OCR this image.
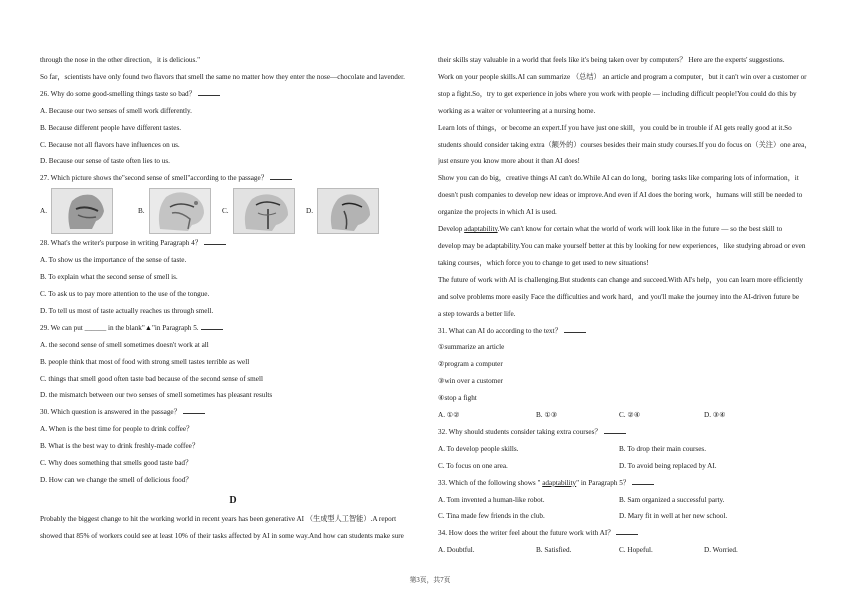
through the nose in the other direction，it is delicious."
So far，scientists have only found two flavors that smell the same no matter how they enter the nose—chocolate and lavender.
26. Why do some good-smelling things taste so bad？
A. Because our two senses of smell work differently.
B. Because different people have different tastes.
C. Because not all flavors have influences on us.
D. Because our sense of taste often lies to us.
27. Which picture shows the"second sense of smell"according to the passage？
A.	B.	C.	D.
28. What's the writer's purpose in writing Paragraph 4？
A. To show us the importance of the sense of taste.
B. To explain what the second sense of smell is.
C. To ask us to pay more attention to the use of the tongue.
D. To tell us most of taste actually reaches us through smell.
29. We can put ______ in the blank"▲"in Paragraph 5.
A. the second sense of smell sometimes doesn't work at all
B. people think that most of food with strong smell tastes terrible as well
C. things that smell good often taste bad because of the second sense of smell
D. the mismatch between our two senses of smell sometimes has pleasant results
30. Which question is answered in the passage？
A. When is the best time for people to drink coffee？
B. What is the best way to drink freshly-made coffee？
C. Why does something that smells good taste bad？
D. How can we change the smell of delicious food？
D
Probably the biggest change to hit the working world in recent years has been generative AI （生成型人工智能）.A report
showed that 85% of workers could see at least 10% of their tasks affected by AI in some way.And how can students make sure
their skills stay valuable in a world that feels like it's being taken over by computers？ Here are the experts' suggestions.
Work on your people skills.AI can summarize （总结） an article and program a computer，but it can't win over a customer or
stop a fight.So，try to get experience in jobs where you work with people — including difficult people!You could do this by
working as a waiter or volunteering at a nursing home.
Learn lots of things，or become an expert.If you have just one skill，you could be in trouble if AI gets really good at it.So
students should consider taking extra（额外的）courses besides their main study courses.If you do focus on（关注）one area，
just ensure you know more about it than AI does!
Show you can do big，creative things AI can't do.While AI can do long，boring tasks like comparing lots of information，it
doesn't push companies to develop new ideas or improve.And even if AI does the boring work，humans will still be needed to
organize the projects in which AI is used.
Develop adaptability.We can't know for certain what the world of work will look like in the future — so the best skill to
develop may be adaptability.You can make yourself better at this by looking for new experiences，like studying abroad or even
taking courses，which force you to change to get used to new situations!
The future of work with AI is challenging.But students can change and succeed.With AI's help，you can learn more efficiently
and solve problems more easily Face the difficulties and work hard，and you'll make the journey into the AI-driven future be
a step towards a better life.
31. What can AI do according to the text？
①summarize an article
②program a computer
③win over a customer
④stop a fight
A. ①②	B. ①③	C. ②④	D. ③④
32. Why should students consider taking extra courses？
A. To develop people skills.	B. To drop their main courses.
C. To focus on one area.	D. To avoid being replaced by AI.
33. Which of the following shows " adaptability" in Paragraph 5？
A. Tom invented a human-like robot.	B. Sam organized a successful party.
C. Tina made few friends in the club.	D. Mary fit in well at her new school.
34. How does the writer feel about the future work with AI？
A. Doubtful.	B. Satisfied.	C. Hopeful.	D. Worried.
第3页，共7页
